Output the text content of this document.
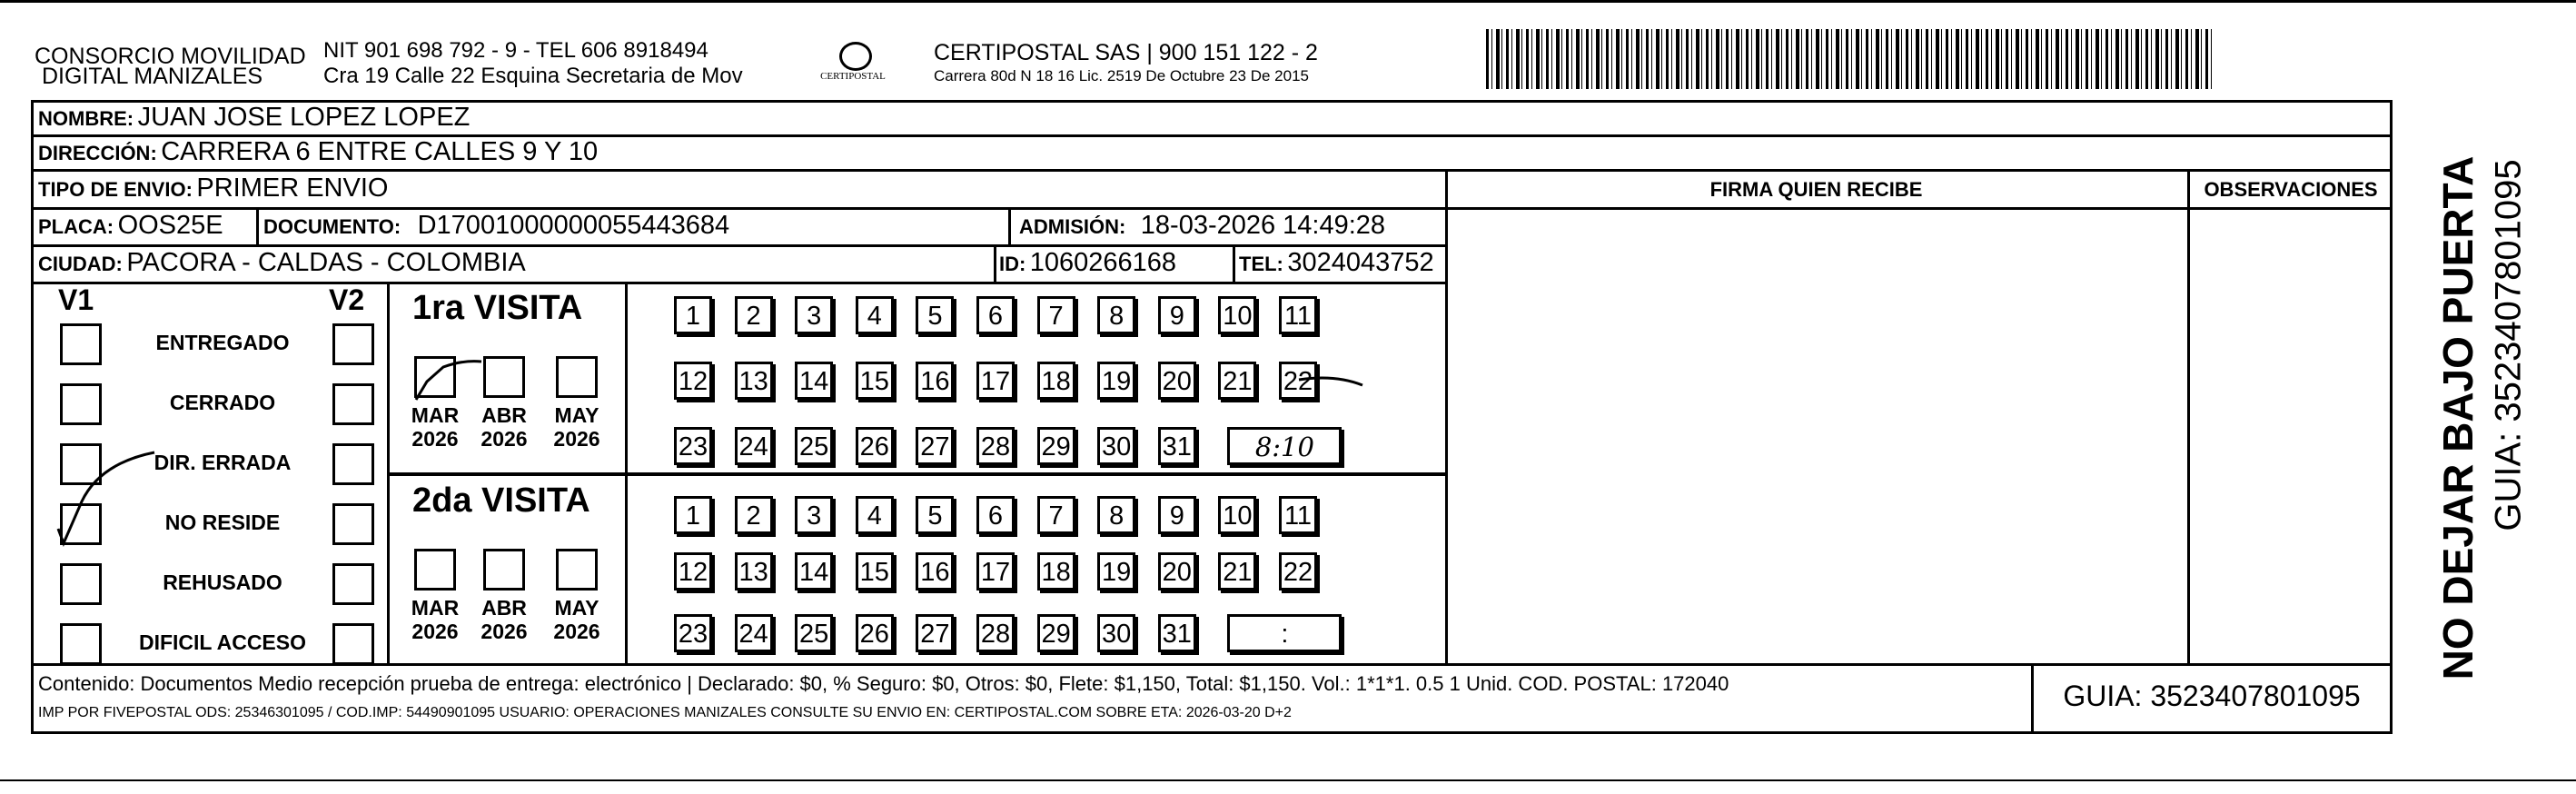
CONSORCIO MOVILIDAD
DIGITAL MANIZALES
NIT 901 698 792 - 9 - TEL 606 8918494
Cra 19 Calle 22 Esquina Secretaria de Mov	CERTIPOSTAL
CERTIPOSTAL SAS | 900 151 122 - 2
Carrera 80d N 18 16 Lic. 2519 De Octubre 23 De 2015
NOMBRE: JUAN JOSE LOPEZ LOPEZ
DIRECCIÓN: CARRERA 6 ENTRE CALLES 9 Y 10
TIPO DE ENVIO: PRIMER ENVIO	FIRMA QUIEN RECIBE	OBSERVACIONES
PLACA: OOS25E DOCUMENTO: D17001000000055443684	ADMISIÓN: 18-03-2026 14:49:28
CIUDAD: PACORA - CALDAS - COLOMBIA	ID: 1060266168	TEL: 3024043752
V1	V2
ENTREGADO
CERRADO
DIR. ERRADA
NO RESIDE
REHUSADO
DIFICIL ACCESO
1ra VISITA
2da VISITA
MAR
2026
ABR
2026
MAY
2026
MAR
2026
ABR
2026
MAY
2026
1	2	3	4	5	6	7	8	9	10 11
12 13 14 15 16 17 18 19 20 21 22
23 24 25 26 27 28 29 30 31	8:10
1	2	3	4	5	6	7	8	9	10 11
12 13 14 15 16 17 18 19 20 21 22
23 24 25 26 27 28 29 30 31	:
Contenido: Documentos Medio recepción prueba de entrega: electrónico | Declarado: $0, % Seguro: $0, Otros: $0, Flete: $1,150, Total: $1,150. Vol.: 1*1*1. 0.5 1 Unid. COD. POSTAL: 172040
IMP POR FIVEPOSTAL ODS: 25346301095 / COD.IMP: 54490901095 USUARIO: OPERACIONES MANIZALES CONSULTE SU ENVIO EN: CERTIPOSTAL.COM SOBRE ETA: 2026-03-20 D+2
GUIA: 3523407801095
NO DEJAR BAJO PUERTA GUIA: 3523407801095
